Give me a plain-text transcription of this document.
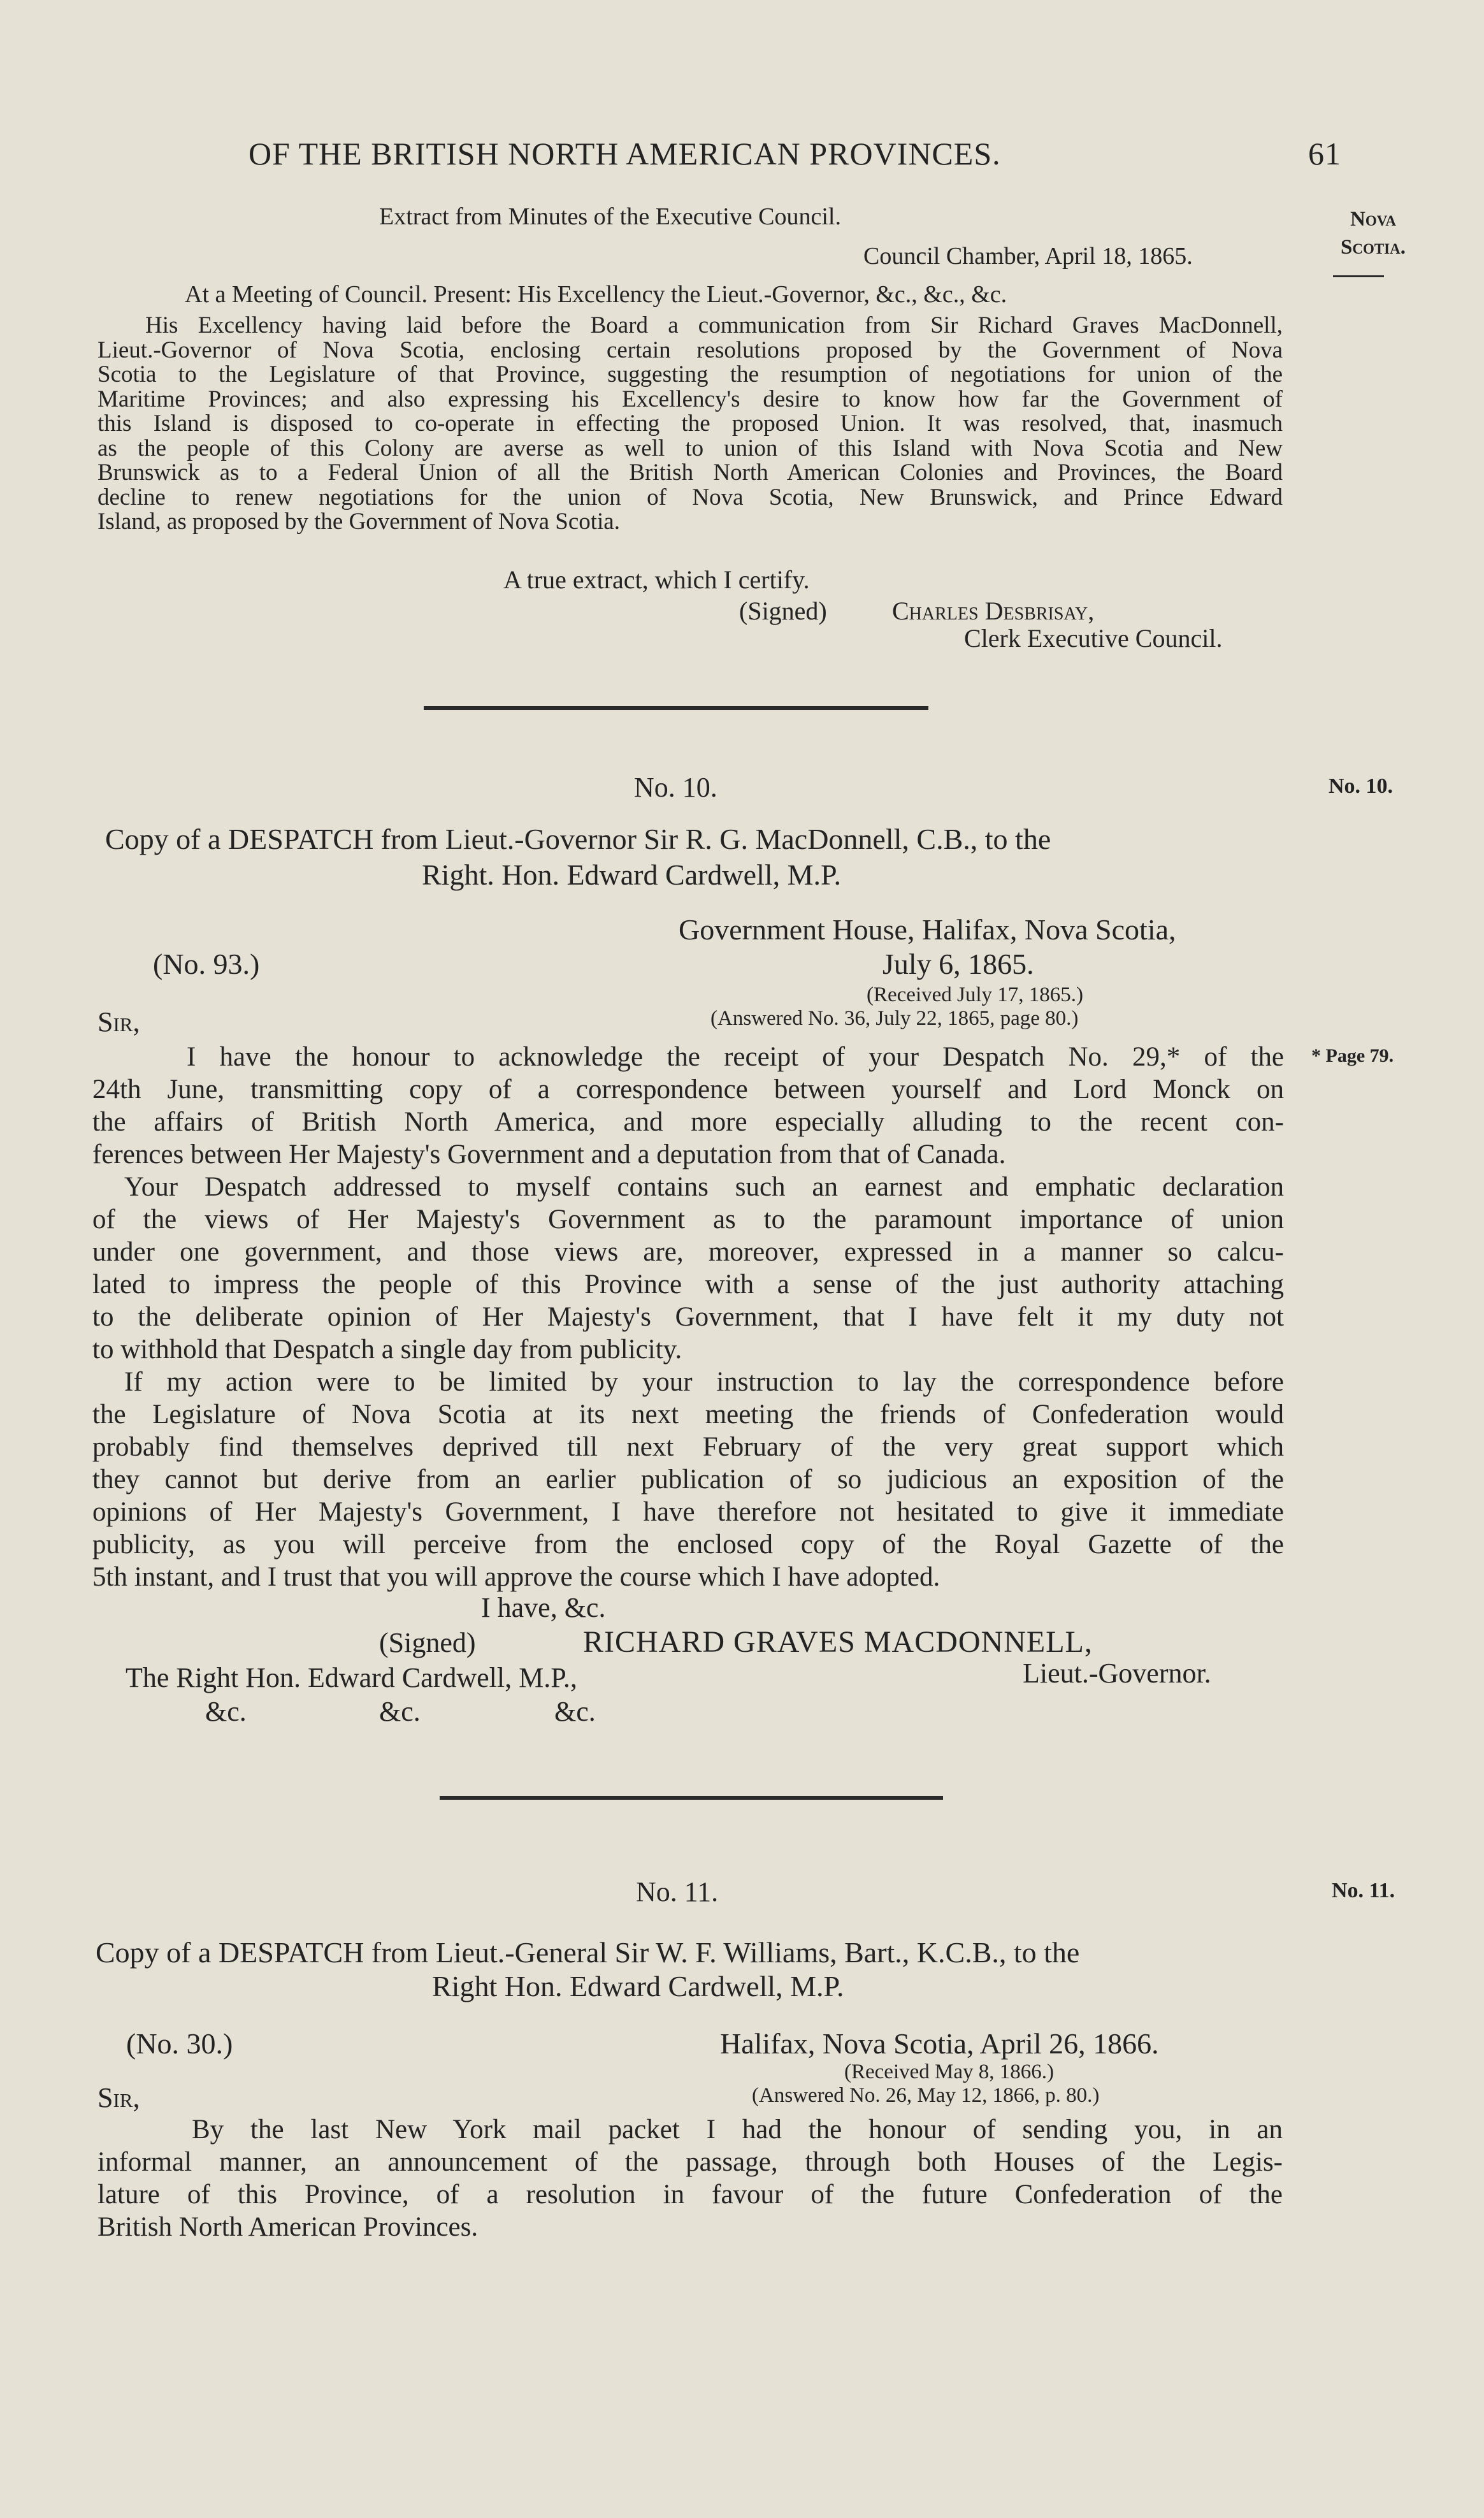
OF THE BRITISH NORTH AMERICAN PROVINCES.	61
Nova
Scotia.
Extract from Minutes of the Executive Council.
Council Chamber, April 18, 1865.
At a Meeting of Council. Present: His Excellency the Lieut.-Governor, &c., &c., &c.
His Excellency having laid before the Board a communication from Sir Richard Graves MacDonnell,
Lieut.-Governor of Nova Scotia, enclosing certain resolutions proposed by the Government of Nova
Scotia to the Legislature of that Province, suggesting the resumption of negotiations for union of the
Maritime Provinces; and also expressing his Excellency's desire to know how far the Government of
this Island is disposed to co-operate in effecting the proposed Union. It was resolved, that, inasmuch
as the people of this Colony are averse as well to union of this Island with Nova Scotia and New
Brunswick as to a Federal Union of all the British North American Colonies and Provinces, the Board
decline to renew negotiations for the union of Nova Scotia, New Brunswick, and Prince Edward
Island, as proposed by the Government of Nova Scotia.
A true extract, which I certify.
(Signed)	Charles Desbrisay,
Clerk Executive Council.
No. 10.	No. 10.
Copy of a DESPATCH from Lieut.-Governor Sir R. G. MacDonnell, C.B., to the
Right. Hon. Edward Cardwell, M.P.
Government House, Halifax, Nova Scotia,
(No. 93.)	July 6, 1865.
(Received July 17, 1865.)
(Answered No. 36, July 22, 1865, page 80.)
Sir,
* Page 79.
I have the honour to acknowledge the receipt of your Despatch No. 29,* of the
24th June, transmitting copy of a correspondence between yourself and Lord Monck on
the affairs of British North America, and more especially alluding to the recent con-
ferences between Her Majesty's Government and a deputation from that of Canada.
Your Despatch addressed to myself contains such an earnest and emphatic declaration
of the views of Her Majesty's Government as to the paramount importance of union
under one government, and those views are, moreover, expressed in a manner so calcu-
lated to impress the people of this Province with a sense of the just authority attaching
to the deliberate opinion of Her Majesty's Government, that I have felt it my duty not
to withhold that Despatch a single day from publicity.
If my action were to be limited by your instruction to lay the correspondence before
the Legislature of Nova Scotia at its next meeting the friends of Confederation would
probably find themselves deprived till next February of the very great support which
they cannot but derive from an earlier publication of so judicious an exposition of the
opinions of Her Majesty's Government, I have therefore not hesitated to give it immediate
publicity, as you will perceive from the enclosed copy of the Royal Gazette of the
5th instant, and I trust that you will approve the course which I have adopted.
I have, &c.
(Signed)	RICHARD GRAVES MACDONNELL,
The Right Hon. Edward Cardwell, M.P.,	Lieut.-Governor.
&c.	&c.	&c.
No. 11.	No. 11.
Copy of a DESPATCH from Lieut.-General Sir W. F. Williams, Bart., K.C.B., to the
Right Hon. Edward Cardwell, M.P.
(No. 30.)	Halifax, Nova Scotia, April 26, 1866.
(Received May 8, 1866.)
(Answered No. 26, May 12, 1866, p. 80.)
Sir,
By the last New York mail packet I had the honour of sending you, in an
informal manner, an announcement of the passage, through both Houses of the Legis-
lature of this Province, of a resolution in favour of the future Confederation of the
British North American Provinces.
